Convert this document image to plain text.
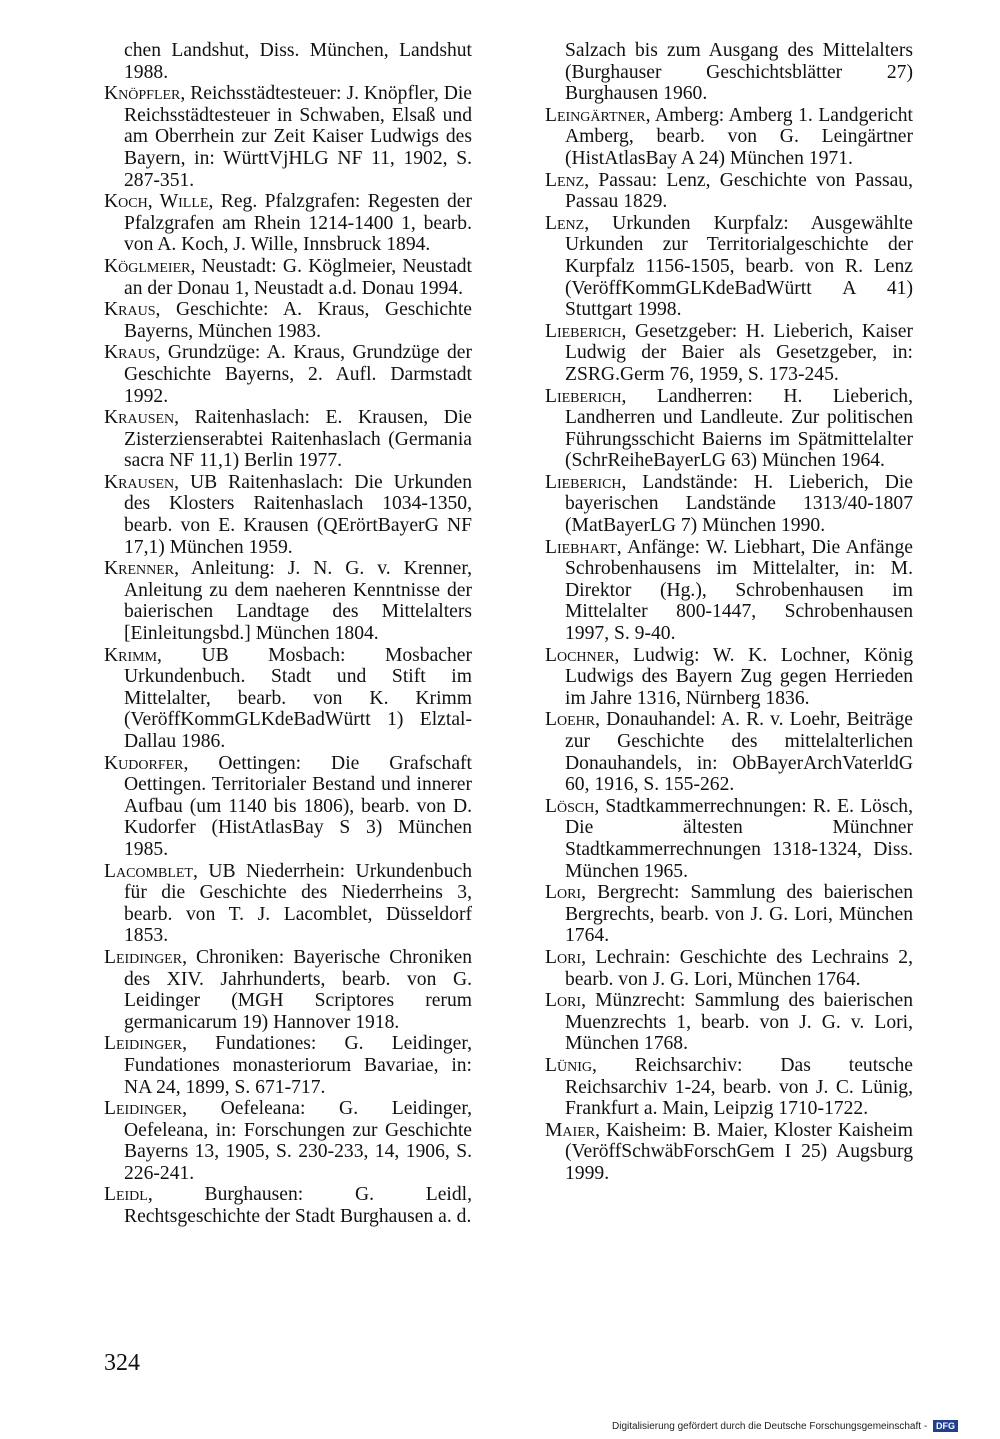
chen Landshut, Diss. München, Landshut 1988.

Knöpfler, Reichsstädtesteuer: J. Knöpfler, Die Reichsstädtesteuer in Schwaben, Elsaß und am Oberrhein zur Zeit Kaiser Ludwigs des Bayern, in: WürttVjHLG NF 11, 1902, S. 287-351.

Koch, Wille, Reg. Pfalzgrafen: Regesten der Pfalzgrafen am Rhein 1214-1400 1, bearb. von A. Koch, J. Wille, Innsbruck 1894.

Köglmeier, Neustadt: G. Köglmeier, Neustadt an der Donau 1, Neustadt a.d. Donau 1994.

Kraus, Geschichte: A. Kraus, Geschichte Bayerns, München 1983.

Kraus, Grundzüge: A. Kraus, Grundzüge der Geschichte Bayerns, 2. Aufl. Darmstadt 1992.

Krausen, Raitenhaslach: E. Krausen, Die Zisterzienserabtei Raitenhaslach (Germania sacra NF 11,1) Berlin 1977.

Krausen, UB Raitenhaslach: Die Urkunden des Klosters Raitenhaslach 1034-1350, bearb. von E. Krausen (QErörtBayerG NF 17,1) München 1959.

Krenner, Anleitung: J. N. G. v. Krenner, Anleitung zu dem naeheren Kenntnisse der baierischen Landtage des Mittelalters [Einleitungsbd.] München 1804.

Krimm, UB Mosbach: Mosbacher Urkundenbuch. Stadt und Stift im Mittelalter, bearb. von K. Krimm (VeröffKommGLKdeBadWürtt 1) Elztal-Dallau 1986.

Kudorfer, Oettingen: Die Grafschaft Oettingen. Territorialer Bestand und innerer Aufbau (um 1140 bis 1806), bearb. von D. Kudorfer (HistAtlasBay S 3) München 1985.

Lacomblet, UB Niederrhein: Urkundenbuch für die Geschichte des Niederrheins 3, bearb. von T. J. Lacomblet, Düsseldorf 1853.

Leidinger, Chroniken: Bayerische Chroniken des XIV. Jahrhunderts, bearb. von G. Leidinger (MGH Scriptores rerum germanicarum 19) Hannover 1918.

Leidinger, Fundationes: G. Leidinger, Fundationes monasteriorum Bavariae, in: NA 24, 1899, S. 671-717.

Leidinger, Oefeleana: G. Leidinger, Oefeleana, in: Forschungen zur Geschichte Bayerns 13, 1905, S. 230-233, 14, 1906, S. 226-241.

Leidl, Burghausen: G. Leidl, Rechtsgeschichte der Stadt Burghausen a. d.

Salzach bis zum Ausgang des Mittelalters (Burghauser Geschichtsblätter 27) Burghausen 1960.

Leingärtner, Amberg: Amberg 1. Landgericht Amberg, bearb. von G. Leingärtner (HistAtlasBay A 24) München 1971.

Lenz, Passau: Lenz, Geschichte von Passau, Passau 1829.

Lenz, Urkunden Kurpfalz: Ausgewählte Urkunden zur Territorialgeschichte der Kurpfalz 1156-1505, bearb. von R. Lenz (VeröffKommGLKdeBadWürtt A 41) Stuttgart 1998.

Lieberich, Gesetzgeber: H. Lieberich, Kaiser Ludwig der Baier als Gesetzgeber, in: ZSRG.Germ 76, 1959, S. 173-245.

Lieberich, Landherren: H. Lieberich, Landherren und Landleute. Zur politischen Führungsschicht Baierns im Spätmittelalter (SchrReiheBayerLG 63) München 1964.

Lieberich, Landstände: H. Lieberich, Die bayerischen Landstände 1313/40-1807 (MatBayerLG 7) München 1990.

Liebhart, Anfänge: W. Liebhart, Die Anfänge Schrobenhausens im Mittelalter, in: M. Direktor (Hg.), Schrobenhausen im Mittelalter 800-1447, Schrobenhausen 1997, S. 9-40.

Lochner, Ludwig: W. K. Lochner, König Ludwigs des Bayern Zug gegen Herrieden im Jahre 1316, Nürnberg 1836.

Loehr, Donauhandel: A. R. v. Loehr, Beiträge zur Geschichte des mittelalterlichen Donauhandels, in: ObBayerArchVaterldG 60, 1916, S. 155-262.

Lösch, Stadtkammerrechnungen: R. E. Lösch, Die ältesten Münchner Stadtkammerrechnungen 1318-1324, Diss. München 1965.

Lori, Bergrecht: Sammlung des baierischen Bergrechts, bearb. von J. G. Lori, München 1764.

Lori, Lechrain: Geschichte des Lechrains 2, bearb. von J. G. Lori, München 1764.

Lori, Münzrecht: Sammlung des baierischen Muenzrechts 1, bearb. von J. G. v. Lori, München 1768.

Lünig, Reichsarchiv: Das teutsche Reichsarchiv 1-24, bearb. von J. C. Lünig, Frankfurt a. Main, Leipzig 1710-1722.

Maier, Kaisheim: B. Maier, Kloster Kaisheim (VeröffSchwäbForschGem I 25) Augsburg 1999.

324
Digitalisierung gefördert durch die Deutsche Forschungsgemeinschaft - DFG
